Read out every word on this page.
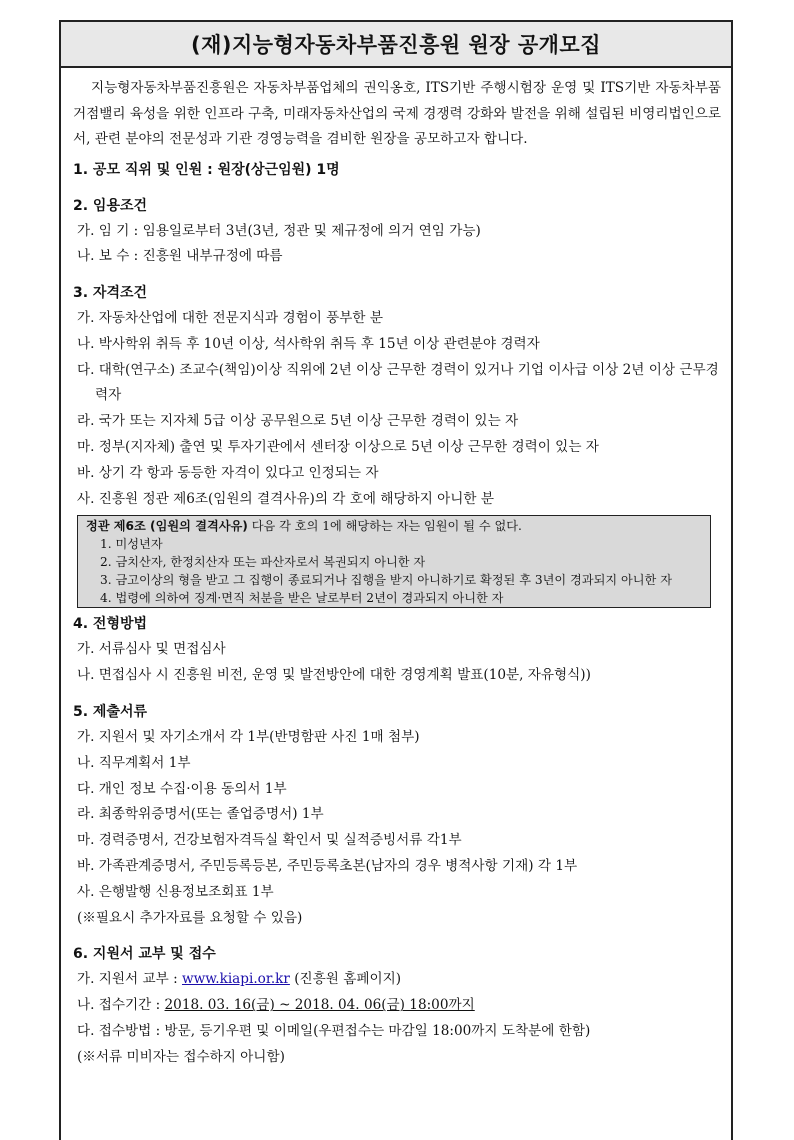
(재)지능형자동차부품진흥원 원장 공개모집

지능형자동차부품진흥원은 자동차부품업체의 권익옹호, ITS기반 주행시험장 운영 및 ITS기반 자동차부품 거점밸리 육성을 위한 인프라 구축, 미래자동차산업의 국제 경쟁력 강화와 발전을 위해 설립된 비영리법인으로서, 관련 분야의 전문성과 기관 경영능력을 겸비한 원장을 공모하고자 합니다.

1. 공모 직위 및 인원 : 원장(상근임원) 1명
2. 임용조건
가. 임 기 : 임용일로부터 3년(3년, 정관 및 제규정에 의거 연임 가능)
나. 보 수 : 진흥원 내부규정에 따름
3. 자격조건
가. 자동차산업에 대한 전문지식과 경험이 풍부한 분
나. 박사학위 취득 후 10년 이상, 석사학위 취득 후 15년 이상 관련분야 경력자
다. 대학(연구소) 조교수(책임)이상 직위에 2년 이상 근무한 경력이 있거나 기업 이사급 이상 2년 이상 근무경력자
라. 국가 또는 지자체 5급 이상 공무원으로 5년 이상 근무한 경력이 있는 자
마. 정부(지자체) 출연 및 투자기관에서 센터장 이상으로 5년 이상 근무한 경력이 있는 자
바. 상기 각 항과 동등한 자격이 있다고 인정되는 자
사. 진흥원 정관 제6조(임원의 결격사유)의 각 호에 해당하지 아니한 분
정관 제6조 (임원의 결격사유) 다음 각 호의 1에 해당하는 자는 임원이 될 수 없다.
1. 미성년자
2. 금치산자, 한정치산자 또는 파산자로서 복권되지 아니한 자
3. 금고이상의 형을 받고 그 집행이 종료되거나 집행을 받지 아니하기로 확정된 후 3년이 경과되지 아니한 자
4. 법령에 의하여 징계·면직 처분을 받은 날로부터 2년이 경과되지 아니한 자
4. 전형방법
가. 서류심사 및 면접심사
나. 면접심사 시 진흥원 비전, 운영 및 발전방안에 대한 경영계획 발표(10분, 자유형식))
5. 제출서류
가. 지원서 및 자기소개서 각 1부(반명함판 사진 1매 첨부)
나. 직무계획서 1부
다. 개인 정보 수집·이용 동의서 1부
라. 최종학위증명서(또는 졸업증명서) 1부
마. 경력증명서, 건강보험자격득실 확인서 및 실적증빙서류 각1부
바. 가족관계증명서, 주민등록등본, 주민등록초본(남자의 경우 병적사항 기재) 각 1부
사. 은행발행 신용정보조회표 1부
(※필요시 추가자료를 요청할 수 있음)
6. 지원서 교부 및 접수
가. 지원서 교부 : www.kiapi.or.kr (진흥원 홈페이지)
나. 접수기간 : 2018. 03. 16(금) ~ 2018. 04. 06(금) 18:00까지
다. 접수방법 : 방문, 등기우편 및 이메일(우편접수는 마감일 18:00까지 도착분에 한함)
(※서류 미비자는 접수하지 아니함)
